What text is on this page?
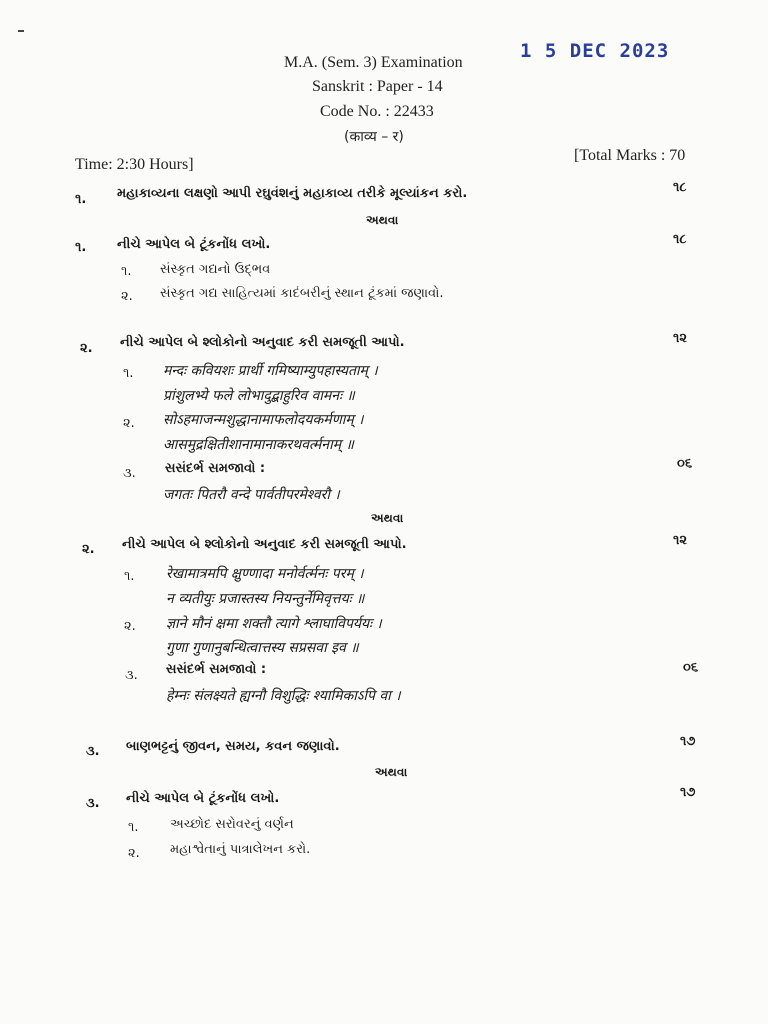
1 5 DEC 2023
M.A. (Sem. 3) Examination
Sanskrit : Paper - 14
Code No. : 22433
(काव्य – र)
Time: 2:30 Hours]
[Total Marks : 70
૧. મહાકાવ્યના લક્ષણો આપી રઘુવંશનું મહાકાવ્ય તરીકે મૂલ્યાંકન કરો.	૧૮
અથવા
૧. નીચે આપેલ બે ટૂંકનોંધ લખો.	૧૮
૧. સંસ્કૃત ગદ્યનો ઉદ્‌ભવ
૨. સંસ્કૃત ગદ્ય સાહિત્યમાં કાદંબરીનું સ્થાન ટૂંકમાં જણાવો.
૨. નીચે આપેલ બે શ્લોકોનો અનુવાદ કરી સમજૂતી આપો.	૧૨
૧. मन्दः कवियशः प्रार्थी गमिष्याम्युपहास्यताम् ।
प्रांशुलभ्ये फले लोभादुद्बाहुरिव वामनः ॥
૨. सोऽहमाजन्मशुद्धानामाफलोदयकर्मणाम् ।
आसमुद्रक्षितीशानामानाकरथवर्त्मनाम् ॥
૩. સસંદર્ભ સમજાવો :	૦૬
जगतः पितरौ वन्दे पार्वतीपरमेश्वरौ ।
અથવા
૨. નીચે આપેલ બે શ્લોકોનો અનુવાદ કરી સમજૂતી આપો.	૧૨
૧. रेखामात्रमपि क्षुण्णादा मनोर्वर्त्मनः परम् ।
न व्यतीयुः प्रजास्तस्य नियन्तुर्नेमिवृत्तयः ॥
૨. ज्ञाने मौनं क्षमा शक्तौ त्यागे श्लाघाविपर्ययः ।
गुणा गुणानुबन्धित्वात्तस्य सप्रसवा इव ॥
૩. સસંદર્ભ સમજાવો :	૦૬
हेम्नः संलक्ष्यते ह्यग्नौ विशुद्धिः श्यामिकाऽपि वा ।
૩. બાણભટ્ટનું જીવન, સમય, કવન જણાવો.	૧૭
અથવા
૩. નીચે આપેલ બે ટૂંકનોંધ લખો.	૧૭
૧. અચ્છોદ સરોવરનું વર્ણન
૨. મહાશ્વેતાનું પાત્રાલેખન કરો.
